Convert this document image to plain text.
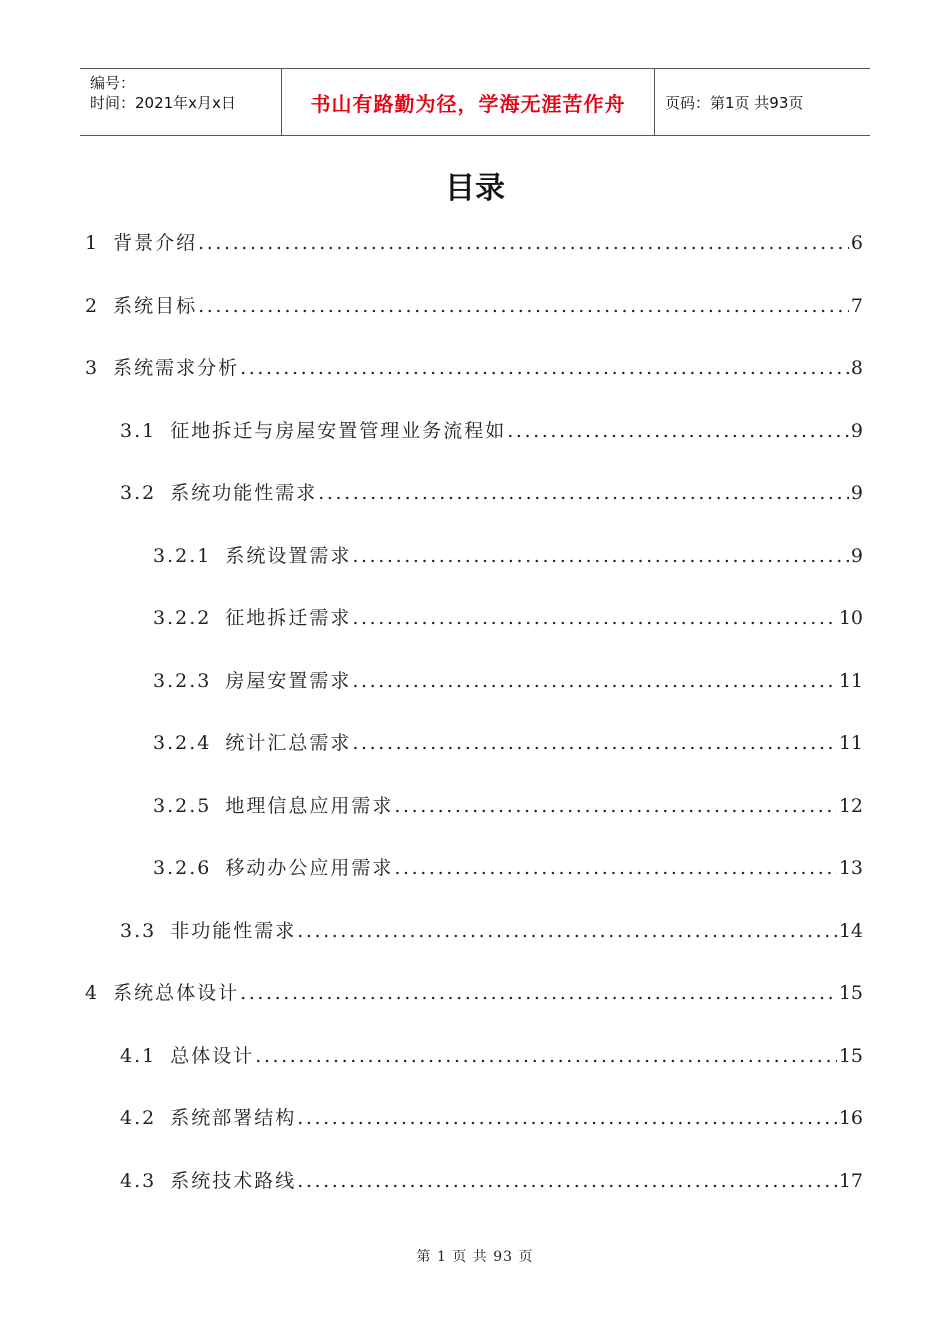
编号：
时间：2021年x月x日	书山有路勤为径，学海无涯苦作舟	页码：第1页 共93页
目录
1 背景介绍 .....	6
2 系统目标 .....	7
3 系统需求分析 .....	8
3.1 征地拆迁与房屋安置管理业务流程如 .....	9
3.2 系统功能性需求 .....	9
3.2.1 系统设置需求 .....	9
3.2.2 征地拆迁需求 .....	10
3.2.3 房屋安置需求 .....	11
3.2.4 统计汇总需求 .....	11
3.2.5 地理信息应用需求 .....	12
3.2.6 移动办公应用需求 .....	13
3.3 非功能性需求 .....	14
4 系统总体设计 .....	15
4.1 总体设计 .....	15
4.2 系统部署结构 .....	16
4.3 系统技术路线 .....	17
第 1 页 共 93 页
